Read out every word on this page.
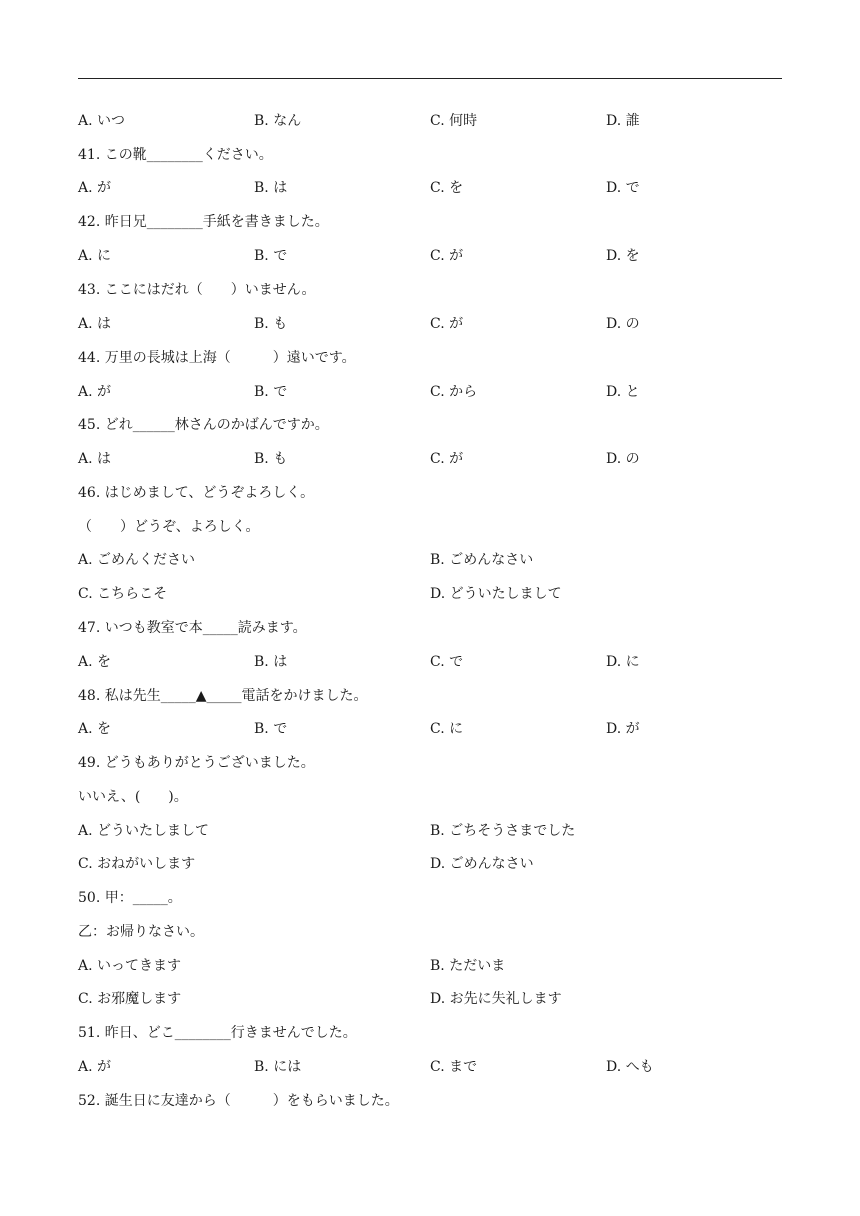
A. いつ	B. なん	C. 何時	D. 誰
41. この靴________ください。
A. が	B. は	C. を	D. で
42. 昨日兄________手紙を書きました。
A. に	B. で	C. が	D. を
43. ここにはだれ（　　）いません。
A. は	B. も	C. が	D. の
44. 万里の長城は上海（　　　）遠いです。
A. が	B. で	C. から	D. と
45. どれ______林さんのかばんですか。
A. は	B. も	C. が	D. の
46. はじめまして、どうぞよろしく。
（　　）どうぞ、よろしく。
A. ごめんください	B. ごめんなさい
C. こちらこそ	D. どういたしまして
47. いつも教室で本_____読みます。
A. を	B. は	C. で	D. に
48. 私は先生_____▲_____電話をかけました。
A. を	B. で	C. に	D. が
49. どうもありがとうございました。
いいえ、(　　)。
A. どういたしまして	B. ごちそうさまでした
C. おねがいします	D. ごめんなさい
50. 甲：_____。
乙：お帰りなさい。
A. いってきます	B. ただいま
C. お邪魔します	D. お先に失礼します
51. 昨日、どこ________行きませんでした。
A. が	B. には	C. まで	D. へも
52. 誕生日に友達から（　　　）をもらいました。
